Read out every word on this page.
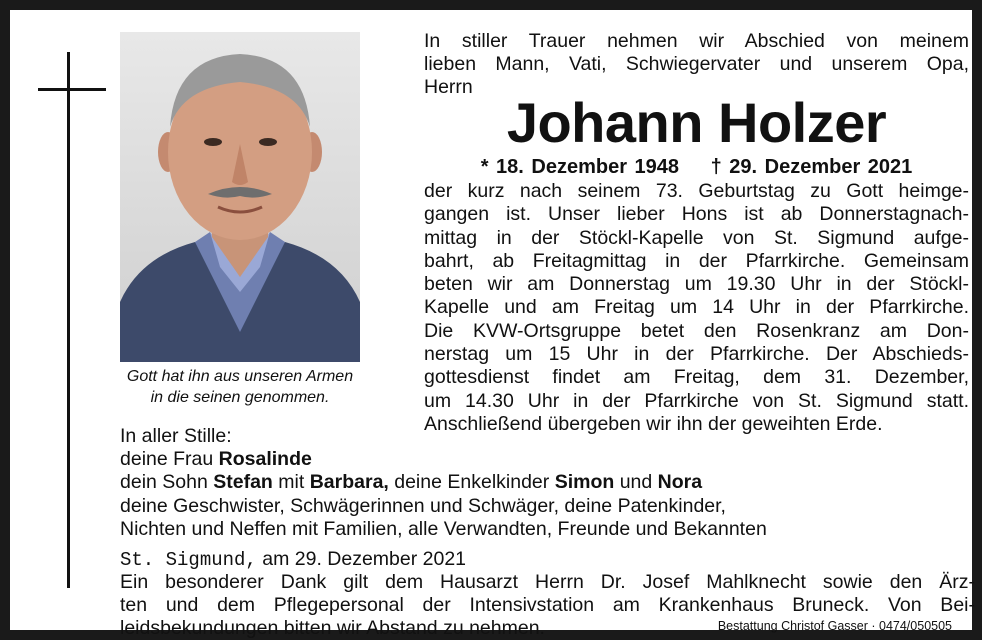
Gott hat ihn aus unseren Armen
in die seinen genommen.
In stiller Trauer nehmen wir Abschied von meinem
lieben Mann, Vati, Schwiegervater und unserem Opa,
Herrn
Johann Holzer
* 18. Dezember 1948 † 29. Dezember 2021
der kurz nach seinem 73. Geburtstag zu Gott heimge-
gangen ist. Unser lieber Hons ist ab Donnerstagnach-
mittag in der Stöckl-Kapelle von St. Sigmund aufge-
bahrt, ab Freitagmittag in der Pfarrkirche. Gemeinsam
beten wir am Donnerstag um 19.30 Uhr in der Stöckl-
Kapelle und am Freitag um 14 Uhr in der Pfarrkirche.
Die KVW-Ortsgruppe betet den Rosenkranz am Don-
nerstag um 15 Uhr in der Pfarrkirche. Der Abschieds-
gottesdienst findet am Freitag, dem 31. Dezember,
um 14.30 Uhr in der Pfarrkirche von St. Sigmund statt.
Anschließend übergeben wir ihn der geweihten Erde.
In aller Stille:
deine Frau Rosalinde
dein Sohn Stefan mit Barbara, deine Enkelkinder Simon und Nora
deine Geschwister, Schwägerinnen und Schwäger, deine Patenkinder,
Nichten und Neffen mit Familien, alle Verwandten, Freunde und Bekannten
St. Sigmund, am 29. Dezember 2021
Ein besonderer Dank gilt dem Hausarzt Herrn Dr. Josef Mahlknecht sowie den Ärz-
ten und dem Pflegepersonal der Intensivstation am Krankenhaus Bruneck. Von Bei-
leidsbekundungen bitten wir Abstand zu nehmen.	Bestattung Christof Gasser · 0474/050505
